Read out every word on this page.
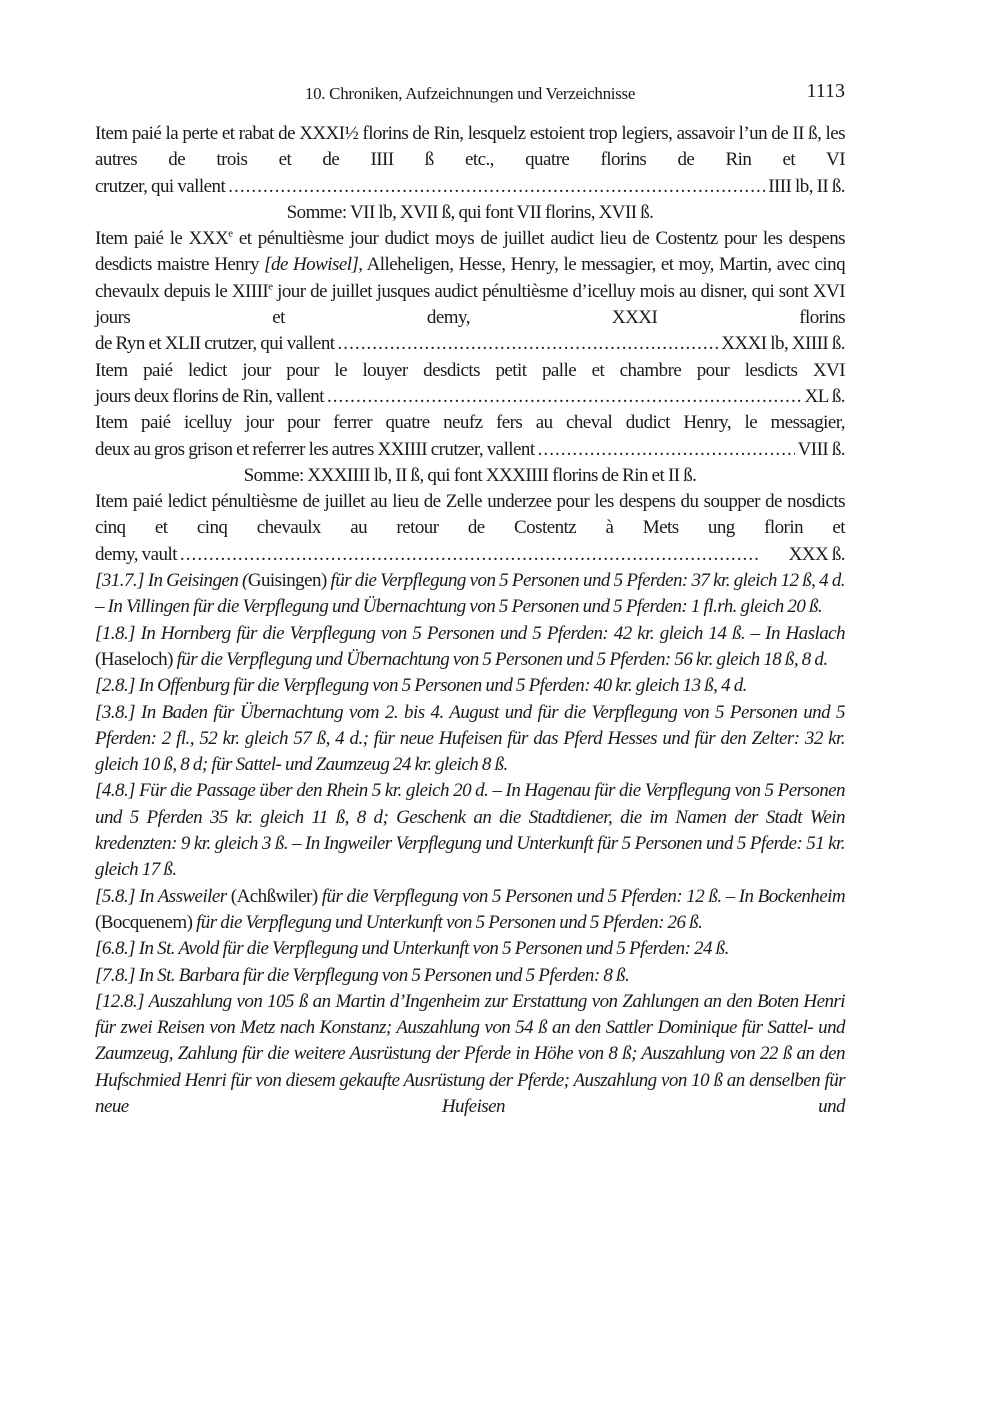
10. Chroniken, Aufzeichnungen und Verzeichnisse	1113

Item paié la perte et rabat de XXXI½ florins de Rin, lesquelz estoient trop legiers, assavoir l’un de II ß, les autres de trois et de IIII ß etc., quatre florins de Rin et VI

crutzer, qui vallent . . .	IIII lb, II ß.

Somme: VII lb, XVII ß, qui font VII florins, XVII ß.

Item paié le XXXe et pénultièsme jour dudict moys de juillet audict lieu de Costentz pour les despens desdicts maistre Henry [de Howisel], Alleheligen, Hesse, Henry, le messagier, et moy, Martin, avec cinq chevaulx depuis le XIIIIe jour de juillet jusques audict pénultièsme d’icelluy mois au disner, qui sont XVI jours et demy, XXXI florins

de Ryn et XLII crutzer, qui vallent . . .	XXXI lb, XIIII ß.

Item paié ledict jour pour le louyer desdicts petit palle et chambre pour lesdicts XVI

jours deux florins de Rin, vallent . . .	XL ß.

Item paié icelluy jour pour ferrer quatre neufz fers au cheval dudict Henry, le messagier,

deux au gros grison et referrer les autres XXIIII crutzer, vallent . . .	VIII ß.

Somme: XXXIIII lb, II ß, qui font XXXIIII florins de Rin et II ß.

Item paié ledict pénultièsme de juillet au lieu de Zelle underzee pour les despens du soupper de nosdicts cinq et cinq chevaulx au retour de Costentz à Mets ung florin et

demy, vault . . .	XXX ß.

[31.7.] In Geisingen (Guisingen) für die Verpflegung von 5 Personen und 5 Pferden: 37 kr. gleich 12 ß, 4 d. – In Villingen für die Verpflegung und Übernachtung von 5 Personen und 5 Pferden: 1 fl.rh. gleich 20 ß.

[1.8.] In Hornberg für die Verpflegung von 5 Personen und 5 Pferden: 42 kr. gleich 14 ß. – In Haslach (Haseloch) für die Verpflegung und Übernachtung von 5 Personen und 5 Pferden: 56 kr. gleich 18 ß, 8 d.

[2.8.] In Offenburg für die Verpflegung von 5 Personen und 5 Pferden: 40 kr. gleich 13 ß, 4 d.

[3.8.] In Baden für Übernachtung vom 2. bis 4. August und für die Verpflegung von 5 Personen und 5 Pferden: 2 fl., 52 kr. gleich 57 ß, 4 d.; für neue Hufeisen für das Pferd Hesses und für den Zelter: 32 kr. gleich 10 ß, 8 d; für Sattel- und Zaumzeug 24 kr. gleich 8 ß.

[4.8.] Für die Passage über den Rhein 5 kr. gleich 20 d. – In Hagenau für die Verpflegung von 5 Personen und 5 Pferden 35 kr. gleich 11 ß, 8 d; Geschenk an die Stadtdiener, die im Namen der Stadt Wein kredenzten: 9 kr. gleich 3 ß. – In Ingweiler Verpflegung und Unterkunft für 5 Personen und 5 Pferde: 51 kr. gleich 17 ß.

[5.8.] In Assweiler (Achßwiler) für die Verpflegung von 5 Personen und 5 Pferden: 12 ß. – In Bockenheim (Bocquenem) für die Verpflegung und Unterkunft von 5 Personen und 5 Pferden: 26 ß.

[6.8.] In St. Avold für die Verpflegung und Unterkunft von 5 Personen und 5 Pferden: 24 ß.

[7.8.] In St. Barbara für die Verpflegung von 5 Personen und 5 Pferden: 8 ß.

[12.8.] Auszahlung von 105 ß an Martin d’Ingenheim zur Erstattung von Zahlungen an den Boten Henri für zwei Reisen von Metz nach Konstanz; Auszahlung von 54 ß an den Sattler Dominique für Sattel- und Zaumzeug, Zahlung für die weitere Ausrüstung der Pferde in Höhe von 8 ß; Auszahlung von 22 ß an den Hufschmied Henri für von diesem gekaufte Ausrüstung der Pferde; Auszahlung von 10 ß an denselben für neue Hufeisen und
